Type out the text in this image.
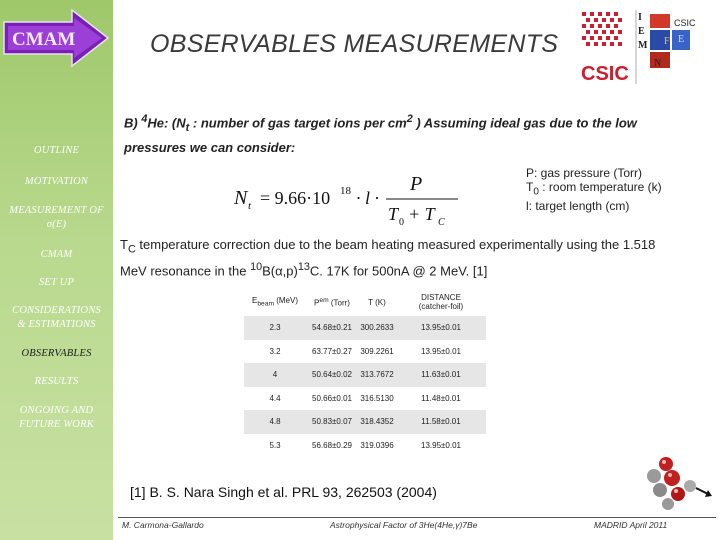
CMAM
OUTLINE
MOTIVATION
MEASUREMENT OF
σ(E)
CMAM
SET UP
CONSIDERATIONS
& ESTIMATIONS
OBSERVABLES
RESULTS
ONGOING AND
FUTURE WORK
OBSERVABLES MEASUREMENTS
CSIC
I
E
M F E
N
CSIC
B) $^4$He: ($N_t$ : number of gas target ions per $cm^2$ ) Assuming ideal gas due to the low pressures we can consider:
N t = 9.66·10 18 · l ·
P
T 0 + T C
P: gas pressure (Torr)
$T_0$ : room temperature (k)
l: target length (cm)
$T_C$ temperature correction due to the beam heating measured experimentally using the 1.518 MeV resonance in the $^{10}B(\alpha,p)^{13}C$. 17K for 500nA @ 2 MeV. [1]
$E_{beam}$ (MeV)	$P^{em}$ (Torr)	T (K)	DISTANCE
(catcher-foil)

2.3	54.68±0.21	300.2633	13.95±0.01
3.2	63.77±0.27	309.2261	13.95±0.01
4	50.64±0.02	313.7672	11.63±0.01
4.4	50.66±0.01	316.5130	11.48±0.01
4.8	50.83±0.07	318.4352	11.58±0.01
5.3	56.68±0.29	319.0396	13.95±0.01
[1] B. S. Nara Singh et al. PRL 93, 262503 (2004)
M. Carmona-Gallardo	Astrophysical Factor of 3He(4He,γ)7Be	MADRID April 2011
